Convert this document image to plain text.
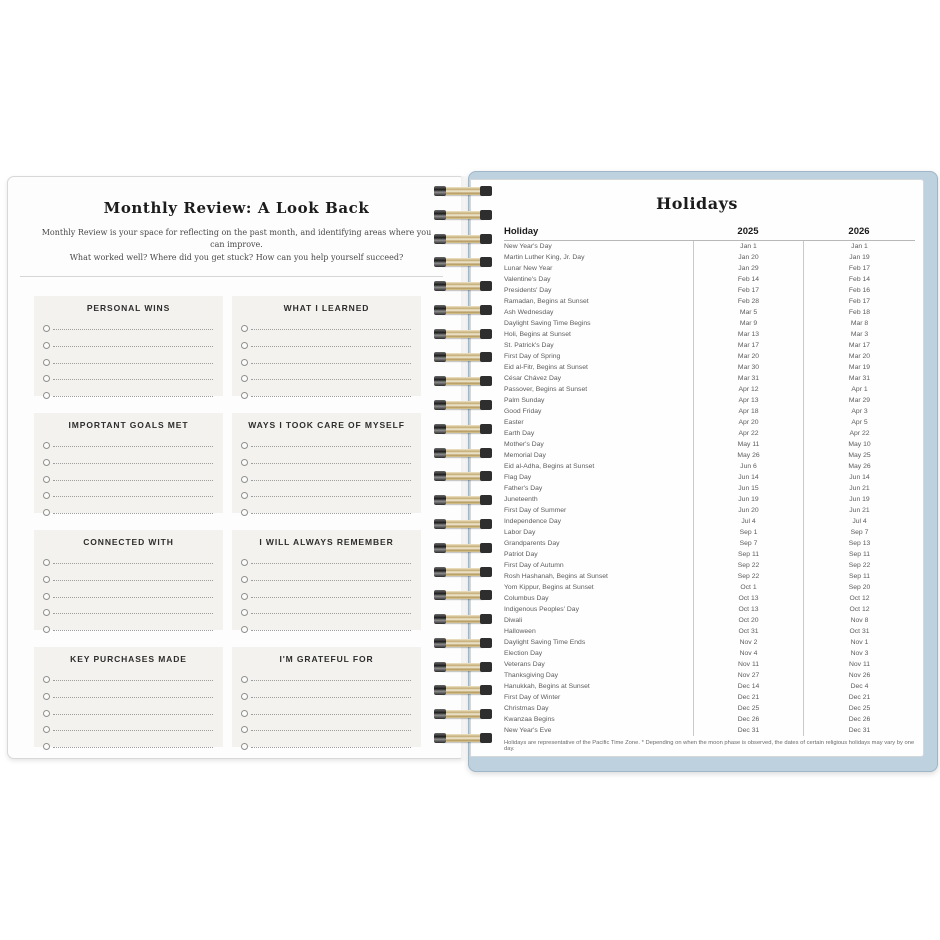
Monthly Review: A Look Back
Monthly Review is your space for reflecting on the past month, and identifying areas where you can improve.
What worked well? Where did you get stuck? How can you help yourself succeed?
PERSONAL WINS	WHAT I LEARNED
IMPORTANT GOALS MET	WAYS I TOOK CARE OF MYSELF
CONNECTED WITH	I WILL ALWAYS REMEMBER
KEY PURCHASES MADE	I'M GRATEFUL FOR
Holidays
Holiday	2025	2026
New Year's Day	Jan 1	Jan 1
Martin Luther King, Jr. Day	Jan 20	Jan 19
Lunar New Year	Jan 29	Feb 17
Valentine's Day	Feb 14	Feb 14
Presidents' Day	Feb 17	Feb 16
Ramadan, Begins at Sunset	Feb 28	Feb 17
Ash Wednesday	Mar 5	Feb 18
Daylight Saving Time Begins	Mar 9	Mar 8
Holi, Begins at Sunset	Mar 13	Mar 3
St. Patrick's Day	Mar 17	Mar 17
First Day of Spring	Mar 20	Mar 20
Eid al-Fitr, Begins at Sunset	Mar 30	Mar 19
César Chávez Day	Mar 31	Mar 31
Passover, Begins at Sunset	Apr 12	Apr 1
Palm Sunday	Apr 13	Mar 29
Good Friday	Apr 18	Apr 3
Easter	Apr 20	Apr 5
Earth Day	Apr 22	Apr 22
Mother's Day	May 11	May 10
Memorial Day	May 26	May 25
Eid al-Adha, Begins at Sunset	Jun 6	May 26
Flag Day	Jun 14	Jun 14
Father's Day	Jun 15	Jun 21
Juneteenth	Jun 19	Jun 19
First Day of Summer	Jun 20	Jun 21
Independence Day	Jul 4	Jul 4
Labor Day	Sep 1	Sep 7
Grandparents Day	Sep 7	Sep 13
Patriot Day	Sep 11	Sep 11
First Day of Autumn	Sep 22	Sep 22
Rosh Hashanah, Begins at Sunset	Sep 22	Sep 11
Yom Kippur, Begins at Sunset	Oct 1	Sep 20
Columbus Day	Oct 13	Oct 12
Indigenous Peoples' Day	Oct 13	Oct 12
Diwali	Oct 20	Nov 8
Halloween	Oct 31	Oct 31
Daylight Saving Time Ends	Nov 2	Nov 1
Election Day	Nov 4	Nov 3
Veterans Day	Nov 11	Nov 11
Thanksgiving Day	Nov 27	Nov 26
Hanukkah, Begins at Sunset	Dec 14	Dec 4
First Day of Winter	Dec 21	Dec 21
Christmas Day	Dec 25	Dec 25
Kwanzaa Begins	Dec 26	Dec 26
New Year's Eve	Dec 31	Dec 31
Holidays are representative of the Pacific Time Zone. * Depending on when the moon phase is observed, the dates of certain religious holidays may vary by one day.
